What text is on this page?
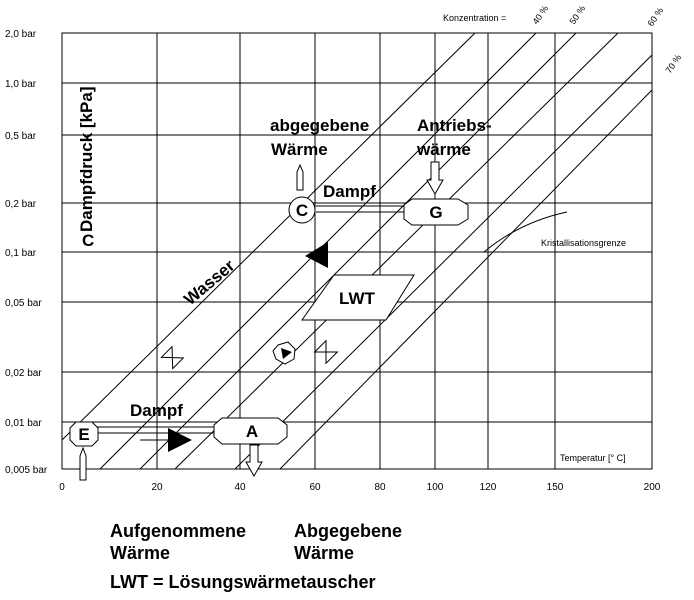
C	G
A
E
LWT
2,0 bar
1,0 bar
0,5 bar
0,2 bar
0,1 bar
0,05 bar
0,02 bar
0,01 bar
0,005 bar
0	20	40	60	80	100	120	150	200
Dampfdruck [kPa]
C
Temperatur [° C]
Kristallisationsgrenze
Konzentration =	40 % 50 %	60 %
70 %
Dampf
Dampf
Wasser
abgegebene
Wärme
Antriebs-
wärme
Aufgenommene
Wärme
Abgegebene
Wärme
LWT = Lösungswärmetauscher
